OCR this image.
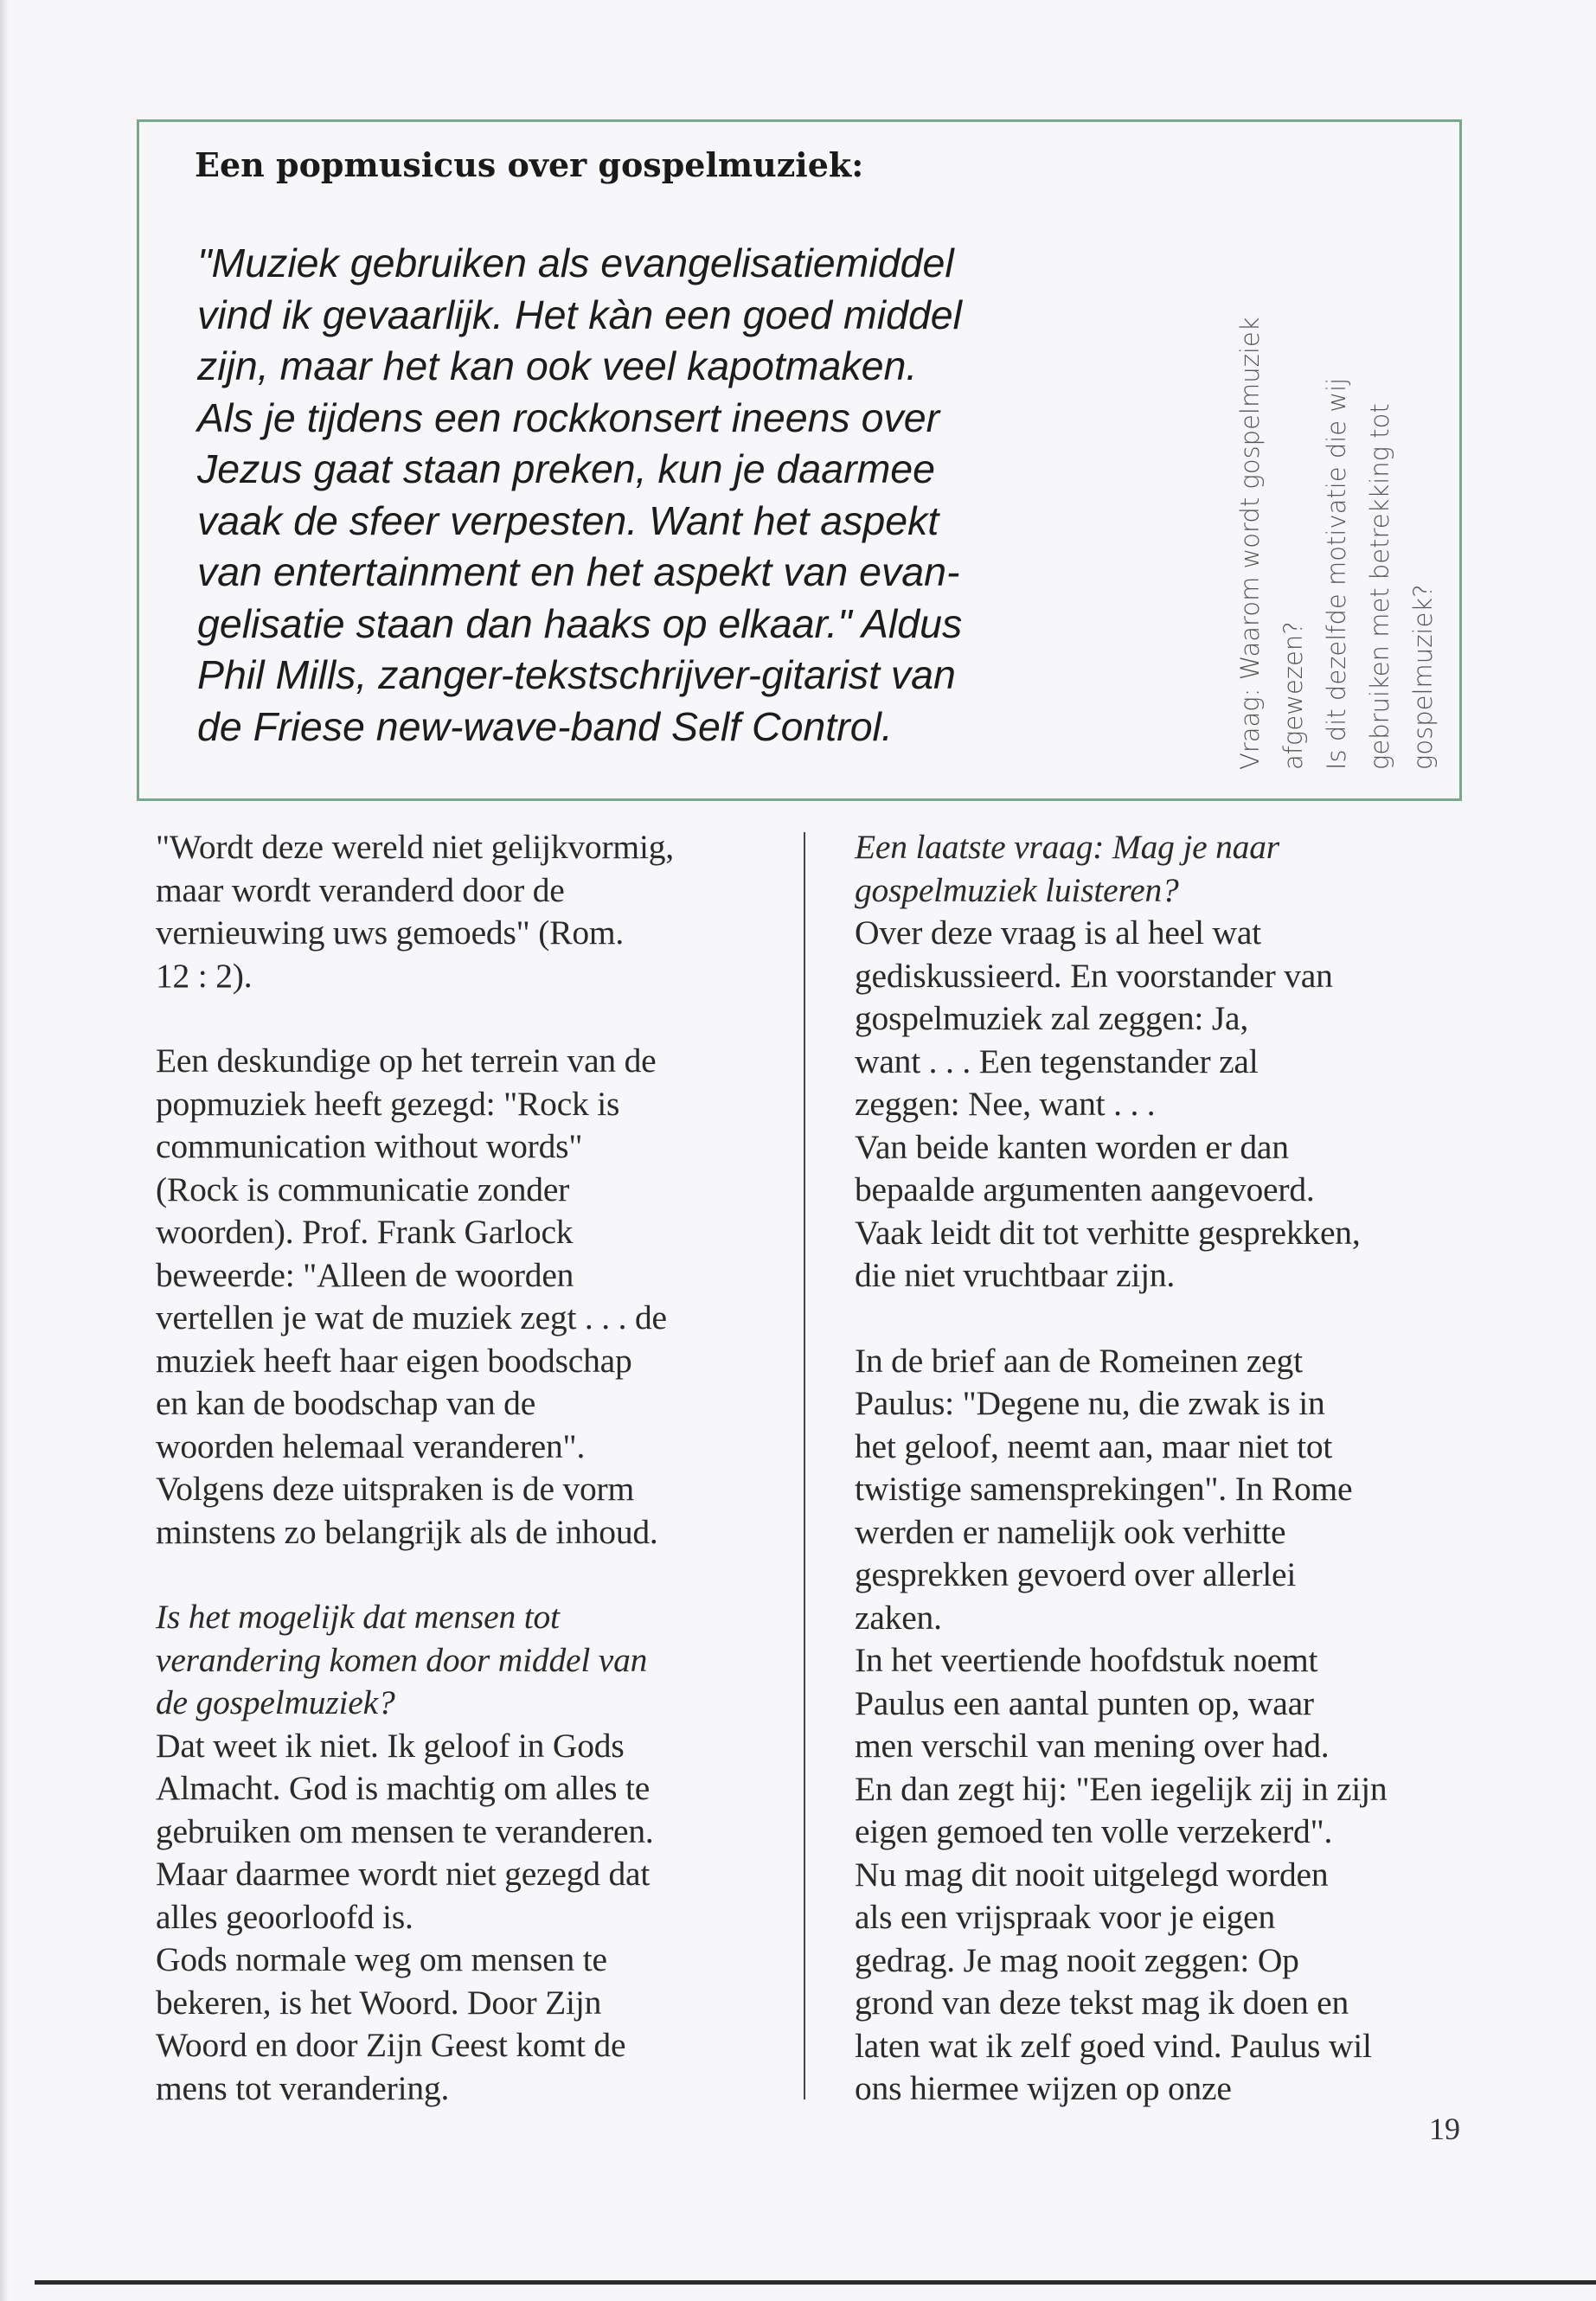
Een popmusicus over gospelmuziek:
"Muziek gebruiken als evangelisatiemiddel
vind ik gevaarlijk. Het kàn een goed middel
zijn, maar het kan ook veel kapotmaken.
Als je tijdens een rockkonsert ineens over
Jezus gaat staan preken, kun je daarmee
vaak de sfeer verpesten. Want het aspekt
van entertainment en het aspekt van evan-
gelisatie staan dan haaks op elkaar." Aldus
Phil Mills, zanger-tekstschrijver-gitarist van
de Friese new-wave-band Self Control.	Vraag: Waarom wordt gospelmuziek afgewezen? Is dit dezelfde motivatie die wij gebruiken met betrekking tot gospelmuziek?
"Wordt deze wereld niet gelijkvormig,
maar wordt veranderd door de
vernieuwing uws gemoeds" (Rom.
12 : 2).
Een deskundige op het terrein van de
popmuziek heeft gezegd: "Rock is
communication without words"
(Rock is communicatie zonder
woorden). Prof. Frank Garlock
beweerde: "Alleen de woorden
vertellen je wat de muziek zegt . . . de
muziek heeft haar eigen boodschap
en kan de boodschap van de
woorden helemaal veranderen".
Volgens deze uitspraken is de vorm
minstens zo belangrijk als de inhoud.
Is het mogelijk dat mensen tot
verandering komen door middel van
de gospelmuziek?
Dat weet ik niet. Ik geloof in Gods
Almacht. God is machtig om alles te
gebruiken om mensen te veranderen.
Maar daarmee wordt niet gezegd dat
alles geoorloofd is.
Gods normale weg om mensen te
bekeren, is het Woord. Door Zijn
Woord en door Zijn Geest komt de
mens tot verandering.
Een laatste vraag: Mag je naar
gospelmuziek luisteren?
Over deze vraag is al heel wat
gediskussieerd. En voorstander van
gospelmuziek zal zeggen: Ja,
want . . . Een tegenstander zal
zeggen: Nee, want . . .
Van beide kanten worden er dan
bepaalde argumenten aangevoerd.
Vaak leidt dit tot verhitte gesprekken,
die niet vruchtbaar zijn.
In de brief aan de Romeinen zegt
Paulus: "Degene nu, die zwak is in
het geloof, neemt aan, maar niet tot
twistige samensprekingen". In Rome
werden er namelijk ook verhitte
gesprekken gevoerd over allerlei
zaken.
In het veertiende hoofdstuk noemt
Paulus een aantal punten op, waar
men verschil van mening over had.
En dan zegt hij: "Een iegelijk zij in zijn
eigen gemoed ten volle verzekerd".
Nu mag dit nooit uitgelegd worden
als een vrijspraak voor je eigen
gedrag. Je mag nooit zeggen: Op
grond van deze tekst mag ik doen en
laten wat ik zelf goed vind. Paulus wil
ons hiermee wijzen op onze
19
